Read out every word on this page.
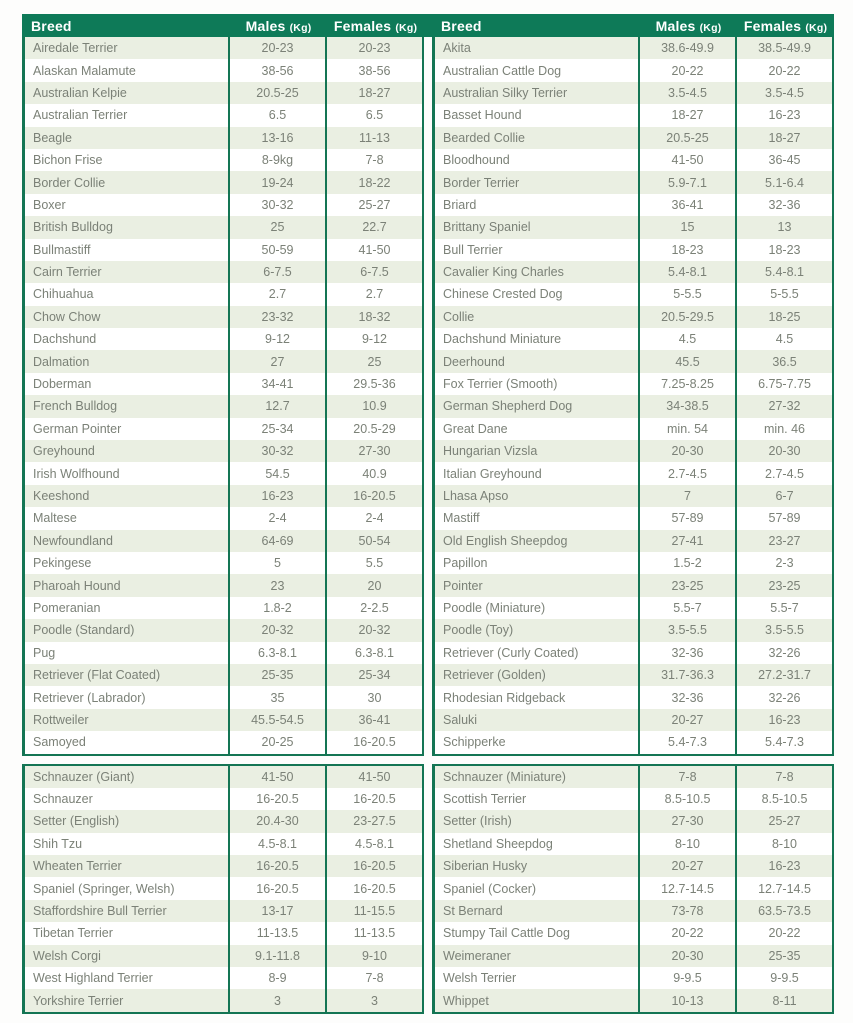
Breed	Males (Kg)	Females (Kg)
Airedale Terrier	20-23	20-23
Alaskan Malamute	38-56	38-56
Australian Kelpie	20.5-25	18-27
Australian Terrier	6.5	6.5
Beagle	13-16	11-13
Bichon Frise	8-9kg	7-8
Border Collie	19-24	18-22
Boxer	30-32	25-27
British Bulldog	25	22.7
Bullmastiff	50-59	41-50
Cairn Terrier	6-7.5	6-7.5
Chihuahua	2.7	2.7
Chow Chow	23-32	18-32
Dachshund	9-12	9-12
Dalmation	27	25
Doberman	34-41	29.5-36
French Bulldog	12.7	10.9
German Pointer	25-34	20.5-29
Greyhound	30-32	27-30
Irish Wolfhound	54.5	40.9
Keeshond	16-23	16-20.5
Maltese	2-4	2-4
Newfoundland	64-69	50-54
Pekingese	5	5.5
Pharoah Hound	23	20
Pomeranian	1.8-2	2-2.5
Poodle (Standard)	20-32	20-32
Pug	6.3-8.1	6.3-8.1
Retriever (Flat Coated)	25-35	25-34
Retriever (Labrador)	35	30
Rottweiler	45.5-54.5	36-41
Samoyed	20-25	16-20.5
Schnauzer (Giant)	41-50	41-50
Schnauzer	16-20.5	16-20.5
Setter (English)	20.4-30	23-27.5
Shih Tzu	4.5-8.1	4.5-8.1
Wheaten Terrier	16-20.5	16-20.5
Spaniel (Springer, Welsh)	16-20.5	16-20.5
Staffordshire Bull Terrier	13-17	11-15.5
Tibetan Terrier	11-13.5	11-13.5
Welsh Corgi	9.1-11.8	9-10
West Highland Terrier	8-9	7-8
Yorkshire Terrier	3	3
Breed	Males (Kg)	Females (Kg)
Akita	38.6-49.9	38.5-49.9
Australian Cattle Dog	20-22	20-22
Australian Silky Terrier	3.5-4.5	3.5-4.5
Basset Hound	18-27	16-23
Bearded Collie	20.5-25	18-27
Bloodhound	41-50	36-45
Border Terrier	5.9-7.1	5.1-6.4
Briard	36-41	32-36
Brittany Spaniel	15	13
Bull Terrier	18-23	18-23
Cavalier King Charles	5.4-8.1	5.4-8.1
Chinese Crested Dog	5-5.5	5-5.5
Collie	20.5-29.5	18-25
Dachshund Miniature	4.5	4.5
Deerhound	45.5	36.5
Fox Terrier (Smooth)	7.25-8.25	6.75-7.75
German Shepherd Dog	34-38.5	27-32
Great Dane	min. 54	min. 46
Hungarian Vizsla	20-30	20-30
Italian Greyhound	2.7-4.5	2.7-4.5
Lhasa Apso	7	6-7
Mastiff	57-89	57-89
Old English Sheepdog	27-41	23-27
Papillon	1.5-2	2-3
Pointer	23-25	23-25
Poodle (Miniature)	5.5-7	5.5-7
Poodle (Toy)	3.5-5.5	3.5-5.5
Retriever (Curly Coated)	32-36	32-26
Retriever (Golden)	31.7-36.3	27.2-31.7
Rhodesian Ridgeback	32-36	32-26
Saluki	20-27	16-23
Schipperke	5.4-7.3	5.4-7.3
Schnauzer (Miniature)	7-8	7-8
Scottish Terrier	8.5-10.5	8.5-10.5
Setter (Irish)	27-30	25-27
Shetland Sheepdog	8-10	8-10
Siberian Husky	20-27	16-23
Spaniel (Cocker)	12.7-14.5	12.7-14.5
St Bernard	73-78	63.5-73.5
Stumpy Tail Cattle Dog	20-22	20-22
Weimeraner	20-30	25-35
Welsh Terrier	9-9.5	9-9.5
Whippet	10-13	8-11
